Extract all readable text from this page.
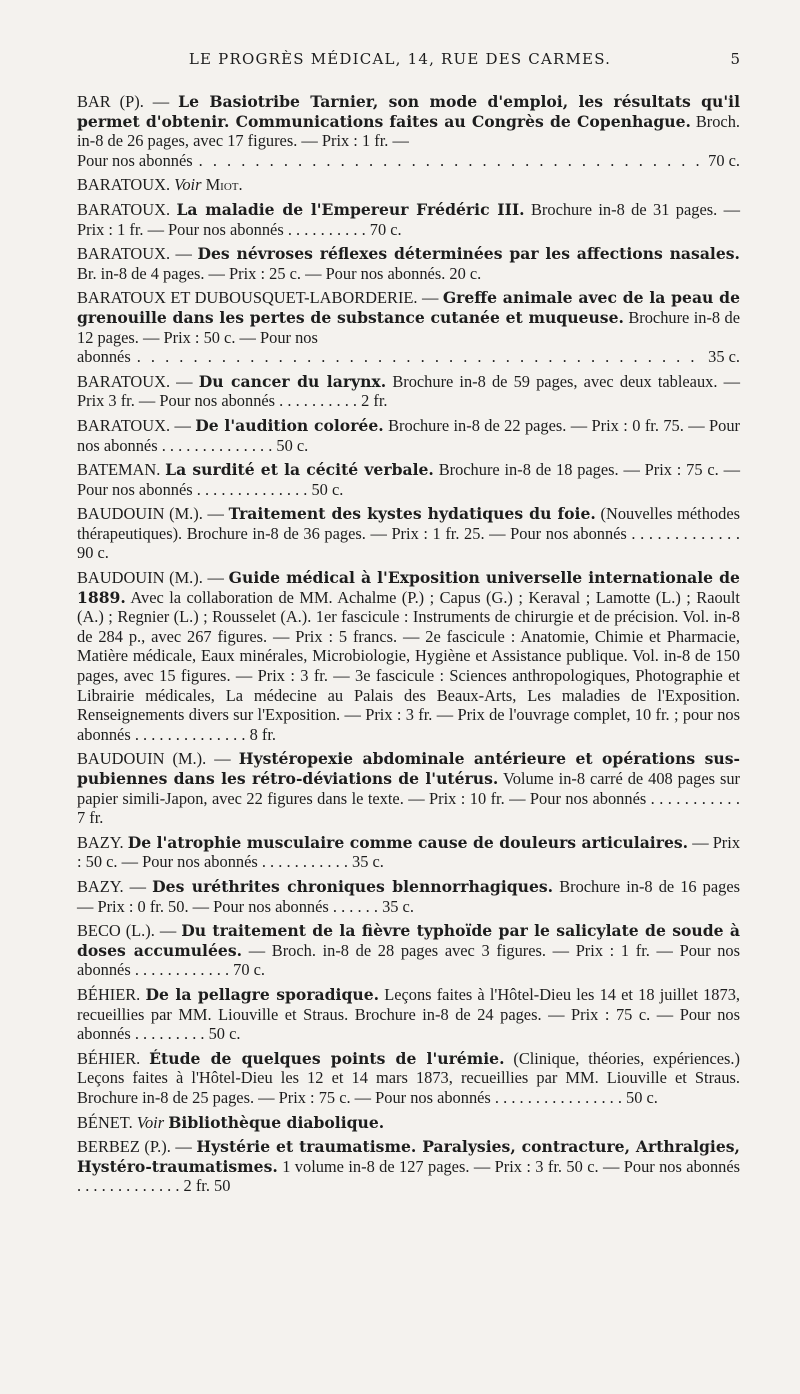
LE PROGRÈS MÉDICAL, 14, RUE DES CARMES.	5
BAR (P). — Le Basiotribe Tarnier, son mode d'emploi, les résultats qu'il permet d'obtenir. Communications faites au Congrès de Copenhague. Broch. in-8 de 26 pages, avec 17 figures. — Prix : 1 fr. —
Pour nos abonnés . . .	70 c.
BARATOUX. Voir Miot.
BARATOUX. La maladie de l'Empereur Frédéric III. Brochure in-8 de 31 pages. — Prix : 1 fr. — Pour nos abonnés . . . . . . . . . . 70 c.
BARATOUX. — Des névroses réflexes déterminées par les affections nasales. Br. in-8 de 4 pages. — Prix : 25 c. — Pour nos abonnés. 20 c.
BARATOUX ET DUBOUSQUET-LABORDERIE. — Greffe animale avec de la peau de grenouille dans les pertes de substance cutanée et muqueuse. Brochure in-8 de 12 pages. — Prix : 50 c. — Pour nos
abonnés . . .	35 c.
BARATOUX. — Du cancer du larynx. Brochure in-8 de 59 pages, avec deux tableaux. — Prix 3 fr. — Pour nos abonnés . . . . . . . . . . 2 fr.
BARATOUX. — De l'audition colorée. Brochure in-8 de 22 pages. — Prix : 0 fr. 75. — Pour nos abonnés . . . . . . . . . . . . . . 50 c.
BATEMAN. La surdité et la cécité verbale. Brochure in-8 de 18 pages. — Prix : 75 c. — Pour nos abonnés . . . . . . . . . . . . . . 50 c.
BAUDOUIN (M.). — Traitement des kystes hydatiques du foie. (Nouvelles méthodes thérapeutiques). Brochure in-8 de 36 pages. — Prix : 1 fr. 25. — Pour nos abonnés . . . . . . . . . . . . . 90 c.
BAUDOUIN (M.). — Guide médical à l'Exposition universelle internationale de 1889. Avec la collaboration de MM. Achalme (P.) ; Capus (G.) ; Keraval ; Lamotte (L.) ; Raoult (A.) ; Regnier (L.) ; Rousselet (A.). 1er fascicule : Instruments de chirurgie et de précision. Vol. in-8 de 284 p., avec 267 figures. — Prix : 5 francs. — 2e fascicule : Anatomie, Chimie et Pharmacie, Matière médicale, Eaux minérales, Microbiologie, Hygiène et Assistance publique. Vol. in-8 de 150 pages, avec 15 figures. — Prix : 3 fr. — 3e fascicule : Sciences anthropologiques, Photographie et Librairie médicales, La médecine au Palais des Beaux-Arts, Les maladies de l'Exposition. Renseignements divers sur l'Exposition. — Prix : 3 fr. — Prix de l'ouvrage complet, 10 fr. ; pour nos abonnés . . . . . . . . . . . . . . 8 fr.
BAUDOUIN (M.). — Hystéropexie abdominale antérieure et opérations sus-pubiennes dans les rétro-déviations de l'utérus. Volume in-8 carré de 408 pages sur papier simili-Japon, avec 22 figures dans le texte. — Prix : 10 fr. — Pour nos abonnés . . . . . . . . . . . 7 fr.
BAZY. De l'atrophie musculaire comme cause de douleurs articulaires. — Prix : 50 c. — Pour nos abonnés . . . . . . . . . . . 35 c.
BAZY. — Des uréthrites chroniques blennorrhagiques. Brochure in-8 de 16 pages — Prix : 0 fr. 50. — Pour nos abonnés . . . . . . 35 c.
BECO (L.). — Du traitement de la fièvre typhoïde par le salicylate de soude à doses accumulées. — Broch. in-8 de 28 pages avec 3 figures. — Prix : 1 fr. — Pour nos abonnés . . . . . . . . . . . . 70 c.
BÉHIER. De la pellagre sporadique. Leçons faites à l'Hôtel-Dieu les 14 et 18 juillet 1873, recueillies par MM. Liouville et Straus. Brochure in-8 de 24 pages. — Prix : 75 c. — Pour nos abonnés . . . . . . . . . 50 c.
BÉHIER. Étude de quelques points de l'urémie. (Clinique, théories, expériences.) Leçons faites à l'Hôtel-Dieu les 12 et 14 mars 1873, recueillies par MM. Liouville et Straus. Brochure in-8 de 25 pages. — Prix : 75 c. — Pour nos abonnés . . . . . . . . . . . . . . . . 50 c.
BÉNET. Voir Bibliothèque diabolique.
BERBEZ (P.). — Hystérie et traumatisme. Paralysies, contracture, Arthralgies, Hystéro-traumatismes. 1 volume in-8 de 127 pages. — Prix : 3 fr. 50 c. — Pour nos abonnés . . . . . . . . . . . . . 2 fr. 50
